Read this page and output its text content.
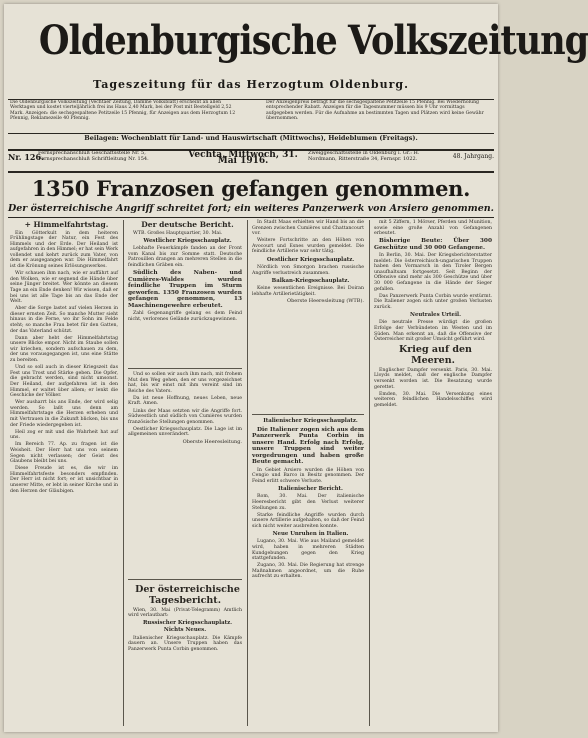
Oldenburgische Volkszeitung
Tageszeitung für das Herzogtum Oldenburg.
Die Oldenburgische Volkszeitung (Vechtaer Zeitung, Damme Volksblatt) erscheint an allen Werktagen und kostet vierteljährlich frei ins Haus 2,40 Mark, bei der Post mit Bestellgeld 2,52 Mark. Anzeigen: die sechsgespaltene Petitzeile 15 Pfennig, für Anzeigen aus dem Herzogtum 12 Pfennig, Reklamezeile 40 Pfennig.
Der Anzeigenpreis beträgt für die sechsgespaltene Petitzeile 15 Pfennig. Bei Wiederholung entsprechender Rabatt. Anzeigen für die Tagesnummer müssen bis 9 Uhr vormittags aufgegeben werden. Für die Aufnahme an bestimmten Tagen und Plätzen wird keine Gewähr übernommen.
Beilagen: Wochenblatt für Land- und Hauswirtschaft (Mittwochs), Heideblumen (Freitags).
Nr. 126.
Fernsprechanschluß Geschäftsstelle Nr. 5, Fernsprechanschluß Schriftleitung Nr. 154.	Vechta, Mittwoch, 31. Mai 1916.
Zweiggeschäftsstelle in Oldenburg i. Gr.: H. Nordmann, Ritterstraße 34, Fernspr. 1022.	48. Jahrgang.
1350 Franzosen gefangen genommen.
Der österreichische Angriff schreitet fort; ein weiteres Panzerwerk von Arsiero genommen.

+ Himmelfahrtstag.

Ein Götterkult in dem heiteren Frühlingstage der Natur, ein Fest des Himmels und der Erde. Der Heiland ist aufgefahren in den Himmel; er hat sein Werk vollendet und kehrt zurück zum Vater, von dem er ausgegangen war. Die Himmelfahrt ist die Krönung seines Erlösungswerkes.

Wir schauen ihm nach, wie er auffährt auf den Wolken, wie er segnend die Hände über seine Jünger breitet. Wer könnte an diesem Tage an ein Ende denken! Wir wissen, daß er bei uns ist alle Tage bis an das Ende der Welt.

Aber die Sorge lastet auf vielen Herzen in dieser ernsten Zeit. So manche Mutter sieht hinaus in die Ferne, wo ihr Sohn im Felde steht; so manche Frau betet für den Gatten, der das Vaterland schützt.

Dann aber hebt der Himmelfahrtstag unsere Blicke empor. Nicht im Staube sollen wir kriechen, sondern aufschauen zu dem, der uns vorausgegangen ist, uns eine Stätte zu bereiten.

Und so soll auch in dieser Kriegszeit das Fest uns Trost und Stärke geben. Die Opfer, die gebracht werden, sind nicht umsonst. Der Heiland, der aufgefahren ist in den Himmel, er waltet über allem; er lenkt die Geschicke der Völker.

Wer ausharrt bis ans Ende, der wird selig werden. So laßt uns denn am Himmelfahrtstage die Herzen erheben und mit Vertrauen in die Zukunft blicken, bis uns der Friede wiedergegeben ist.

Heil zog er mit und die Wahrheit hat auf uns.

Im Bereich 77. Ap. zu fragen ist die Weisheit. Der Herr hat uns von seinem Segen nicht verlassen; der Geist des Glaubens bleibt bei uns.

Diese Freude ist es, die wir im Himmelfahrtsfeste besonders empfinden. Der Herr ist nicht fort; er ist unsichtbar in unserer Mitte, er lebt in seiner Kirche und in den Herzen der Gläubigen.

Der deutsche Bericht.

WTB. Großes Hauptquartier, 30. Mai.

Westlicher Kriegsschauplatz.

Lebhafte Feuerkämpfe fanden an der Front vom Kanal bis zur Somme statt. Deutsche Patrouillen drangen an mehreren Stellen in die feindlichen Gräben ein.

Südlich des Naben- und Cumières-Waldes wurden feindliche Truppen im Sturm geworfen. 1350 Franzosen wurden gefangen genommen, 13 Maschinengewehre erbeutet.

Zahl Gegenangriffe gelang es dem Feind nicht, verlorenes Gelände zurückzugewinnen.

Und so sollen wir auch ihm nach, mit frohem Mut den Weg gehen, den er uns vorgezeichnet hat, bis wir einst mit ihm vereint sind im Reiche des Vaters.

Da ist neue Hoffnung, neues Leben, neue Kraft. Amen.

Links der Maas setzten wir die Angriffe fort. Südwestlich und südlich von Cumières wurden französische Stellungen genommen.

Oestlicher Kriegsschauplatz. Die Lage ist im allgemeinen unverändert.

Oberste Heeresleitung.

Der österreichische Tagesbericht.

Wien, 30. Mai (Privat-Telegramm) Amtlich wird verlautbart:

Russischer Kriegsschauplatz. Nichts Neues.

Italienischer Kriegsschauplatz. Die Kämpfe dauern an. Unsere Truppen haben das Panzerwerk Punta Corbin genommen.

In Stadt Maas erhielten wir Hand bis an die Grenzen zwischen Cumières und Chattancourt vor.

Weitere Fortschritte an den Höhen von Avocourt und Esnes wurden gemeldet. Die feindliche Artillerie war sehr tätig.

Oestlicher Kriegsschauplatz.

Nördlich von Smorgon brachen russische Angriffe verlustreich zusammen.

Balkan-Kriegsschauplatz.

Keine wesentlichen Ereignisse. Bei Doiran lebhafte Artillerietätigkeit.

Oberste Heeresleitung (WTB).

Italienischer Kriegsschauplatz.

Die Italiener zogen sich aus dem Panzerwerk Punta Corbin in unsere Hand. Erfolg nach Erfolg, unsere Truppen sind weiter vorgedrungen und haben große Beute gemacht.

In Gebiet Arsiero wurden die Höhen von Cengio und Barco in Besitz genommen. Der Feind erlitt schwere Verluste.

Italienischer Bericht.

Rom, 30. Mai. Der italienische Heeresbericht gibt den Verlust weiterer Stellungen zu.

Starke feindliche Angriffe wurden durch unsere Artillerie aufgehalten, so daß der Feind sich nicht weiter ausbreiten konnte.

Neue Unruhen in Italien.

Lugano, 30. Mai. Wie aus Mailand gemeldet wird, haben in mehreren Städten Kundgebungen gegen den Krieg stattgefunden.

Zugano, 30. Mai. Die Regierung hat strenge Maßnahmen angeordnet, um die Ruhe aufrecht zu erhalten.

mit 5 Ziffern, 1 Mörser, Pferden und Munition, sowie eine große Anzahl von Gefangenen erbeutet.

Bisherige Beute: Über 300 Geschütze und 30 000 Gefangene.

In Berlin, 30. Mai. Der Kriegsberichterstatter meldet: Die österreichisch-ungarischen Truppen haben den Vormarsch in den Tiroler Bergen unaufhaltsam fortgesetzt. Seit Beginn der Offensive sind mehr als 300 Geschütze und über 30 000 Gefangene in die Hände der Sieger gefallen.

Das Panzerwerk Punta Corbin wurde erstürmt. Die Italiener zogen sich unter großen Verlusten zurück.

Neutrales Urteil.

Die neutrale Presse würdigt die großen Erfolge der Verbündeten im Westen und im Süden. Man erkennt an, daß die Offensive der Österreicher mit großer Umsicht geführt wird.

Krieg auf den Meeren.

Englischer Dampfer versenkt. Paris, 30. Mai. Lloyds meldet, daß der englische Dampfer versenkt worden ist. Die Besatzung wurde gerettet.

Emden, 30. Mai. Die Versenkung eines weiteren feindlichen Handelsschiffes wird gemeldet.
